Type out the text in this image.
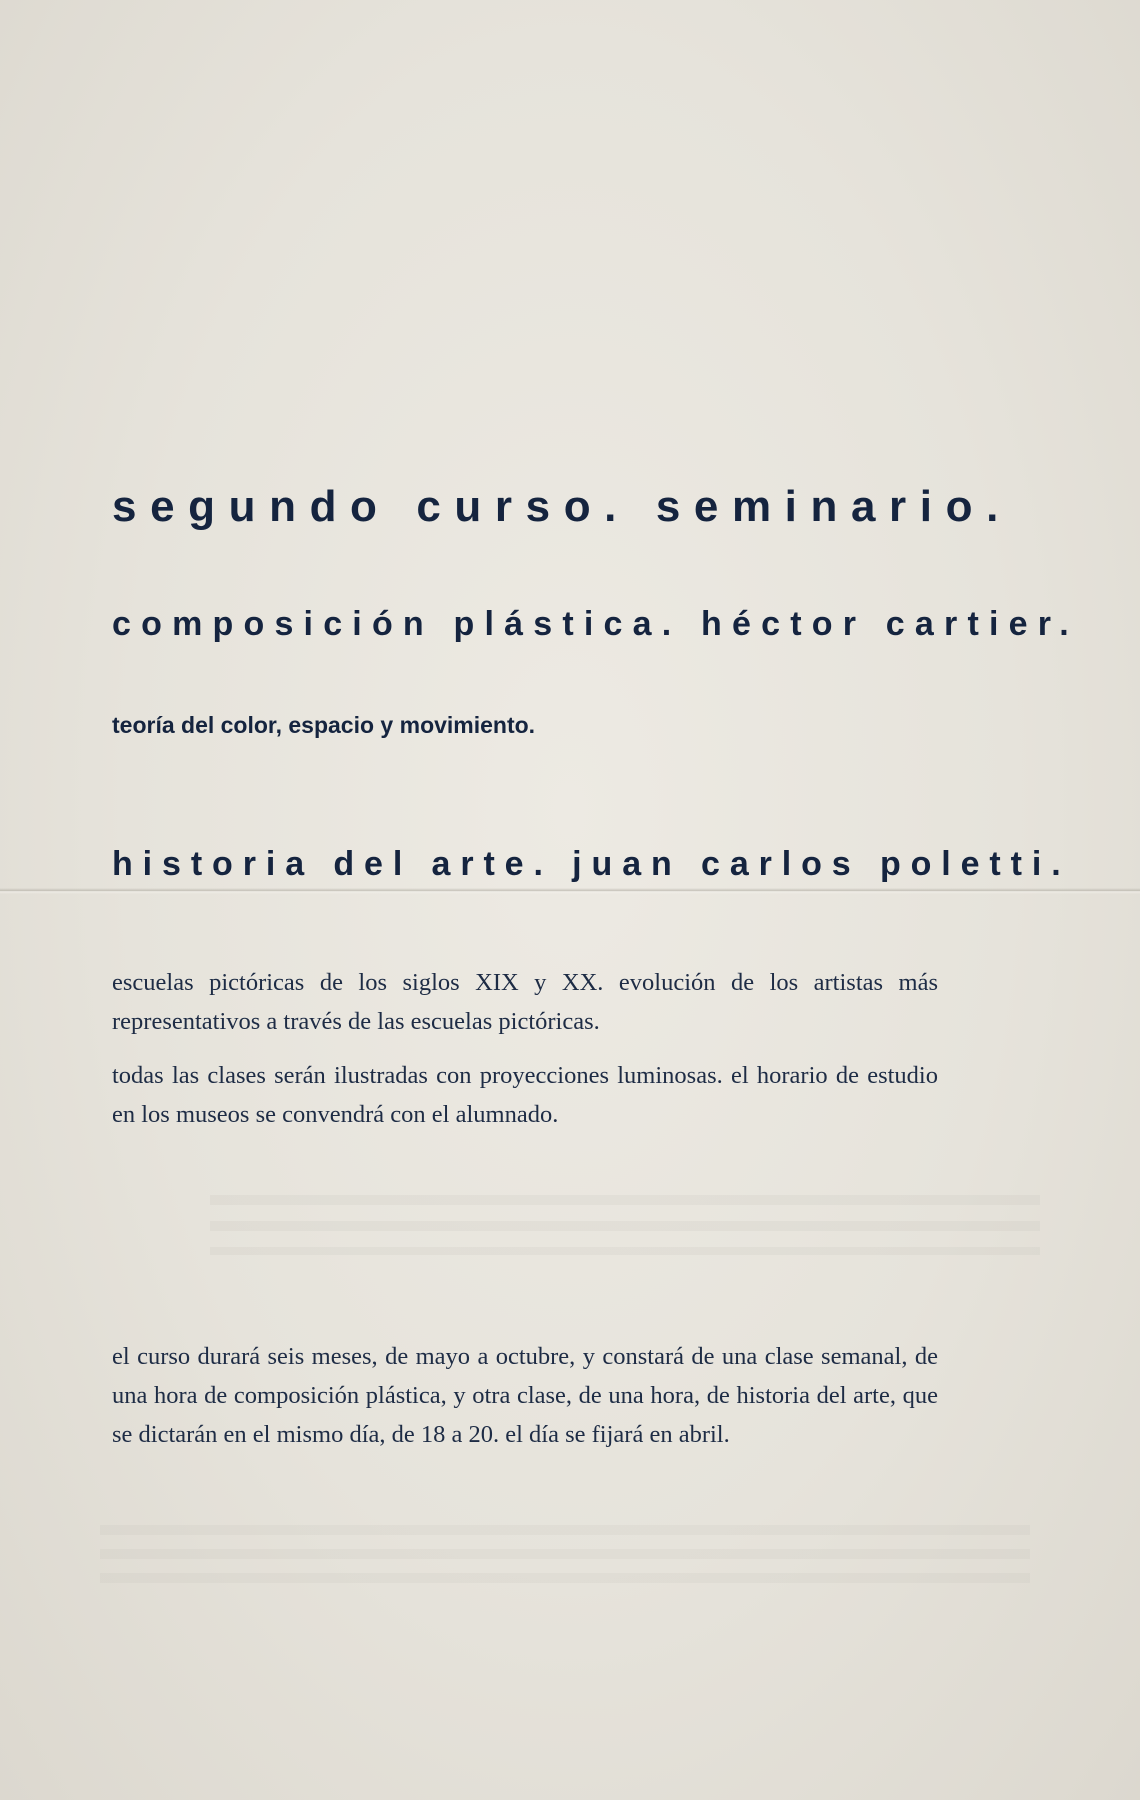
segundo curso. seminario.
composición plástica. héctor cartier.

teoría del color, espacio y movimiento.

historia del arte. juan carlos poletti.

escuelas pictóricas de los siglos XIX y XX. evolución de los artistas más representativos a través de las escuelas pictóricas.

todas las clases serán ilustradas con proyecciones luminosas. el horario de estudio en los museos se convendrá con el alumnado.

el curso durará seis meses, de mayo a octubre, y constará de una clase semanal, de una hora de composición plástica, y otra clase, de una hora, de historia del arte, que se dictarán en el mismo día, de 18 a 20. el día se fijará en abril.
